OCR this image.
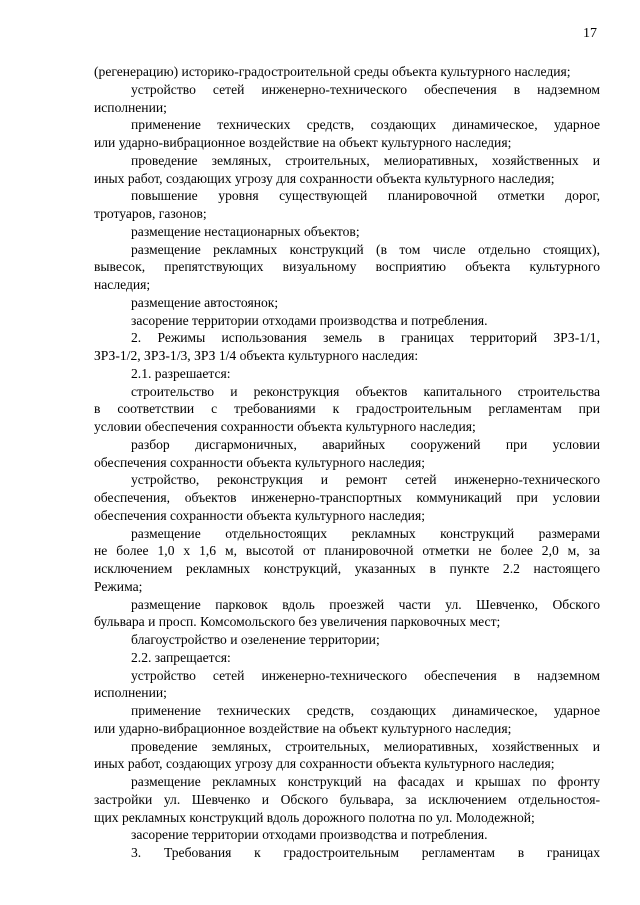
17
(регенерацию) историко-градостроительной среды объекта культурного наследия;
устройство сетей инженерно-технического обеспечения в надземном
исполнении;
применение технических средств, создающих динамическое, ударное
или ударно-вибрационное воздействие на объект культурного наследия;
проведение земляных, строительных, мелиоративных, хозяйственных и
иных работ, создающих угрозу для сохранности объекта культурного наследия;
повышение уровня существующей планировочной отметки дорог,
тротуаров, газонов;
размещение нестационарных объектов;
размещение рекламных конструкций (в том числе отдельно стоящих),
вывесок, препятствующих визуальному восприятию объекта культурного
наследия;
размещение автостоянок;
засорение территории отходами производства и потребления.
2. Режимы использования земель в границах территорий ЗРЗ-1/1,
ЗРЗ-1/2, ЗРЗ-1/3, ЗРЗ 1/4 объекта культурного наследия:
2.1. разрешается:
строительство и реконструкция объектов капитального строительства
в соответствии с требованиями к градостроительным регламентам при
условии обеспечения сохранности объекта культурного наследия;
разбор дисгармоничных, аварийных сооружений при условии
обеспечения сохранности объекта культурного наследия;
устройство, реконструкция и ремонт сетей инженерно-технического
обеспечения, объектов инженерно-транспортных коммуникаций при условии
обеспечения сохранности объекта культурного наследия;
размещение отдельностоящих рекламных конструкций размерами
не более 1,0 х 1,6 м, высотой от планировочной отметки не более 2,0 м, за
исключением рекламных конструкций, указанных в пункте 2.2 настоящего
Режима;
размещение парковок вдоль проезжей части ул. Шевченко, Обского
бульвара и просп. Комсомольского без увеличения парковочных мест;
благоустройство и озеленение территории;
2.2. запрещается:
устройство сетей инженерно-технического обеспечения в надземном
исполнении;
применение технических средств, создающих динамическое, ударное
или ударно-вибрационное воздействие на объект культурного наследия;
проведение земляных, строительных, мелиоративных, хозяйственных и
иных работ, создающих угрозу для сохранности объекта культурного наследия;
размещение рекламных конструкций на фасадах и крышах по фронту
застройки ул. Шевченко и Обского бульвара, за исключением отдельностоя-
щих рекламных конструкций вдоль дорожного полотна по ул. Молодежной;
засорение территории отходами производства и потребления.
3. Требования к градостроительным регламентам в границах
